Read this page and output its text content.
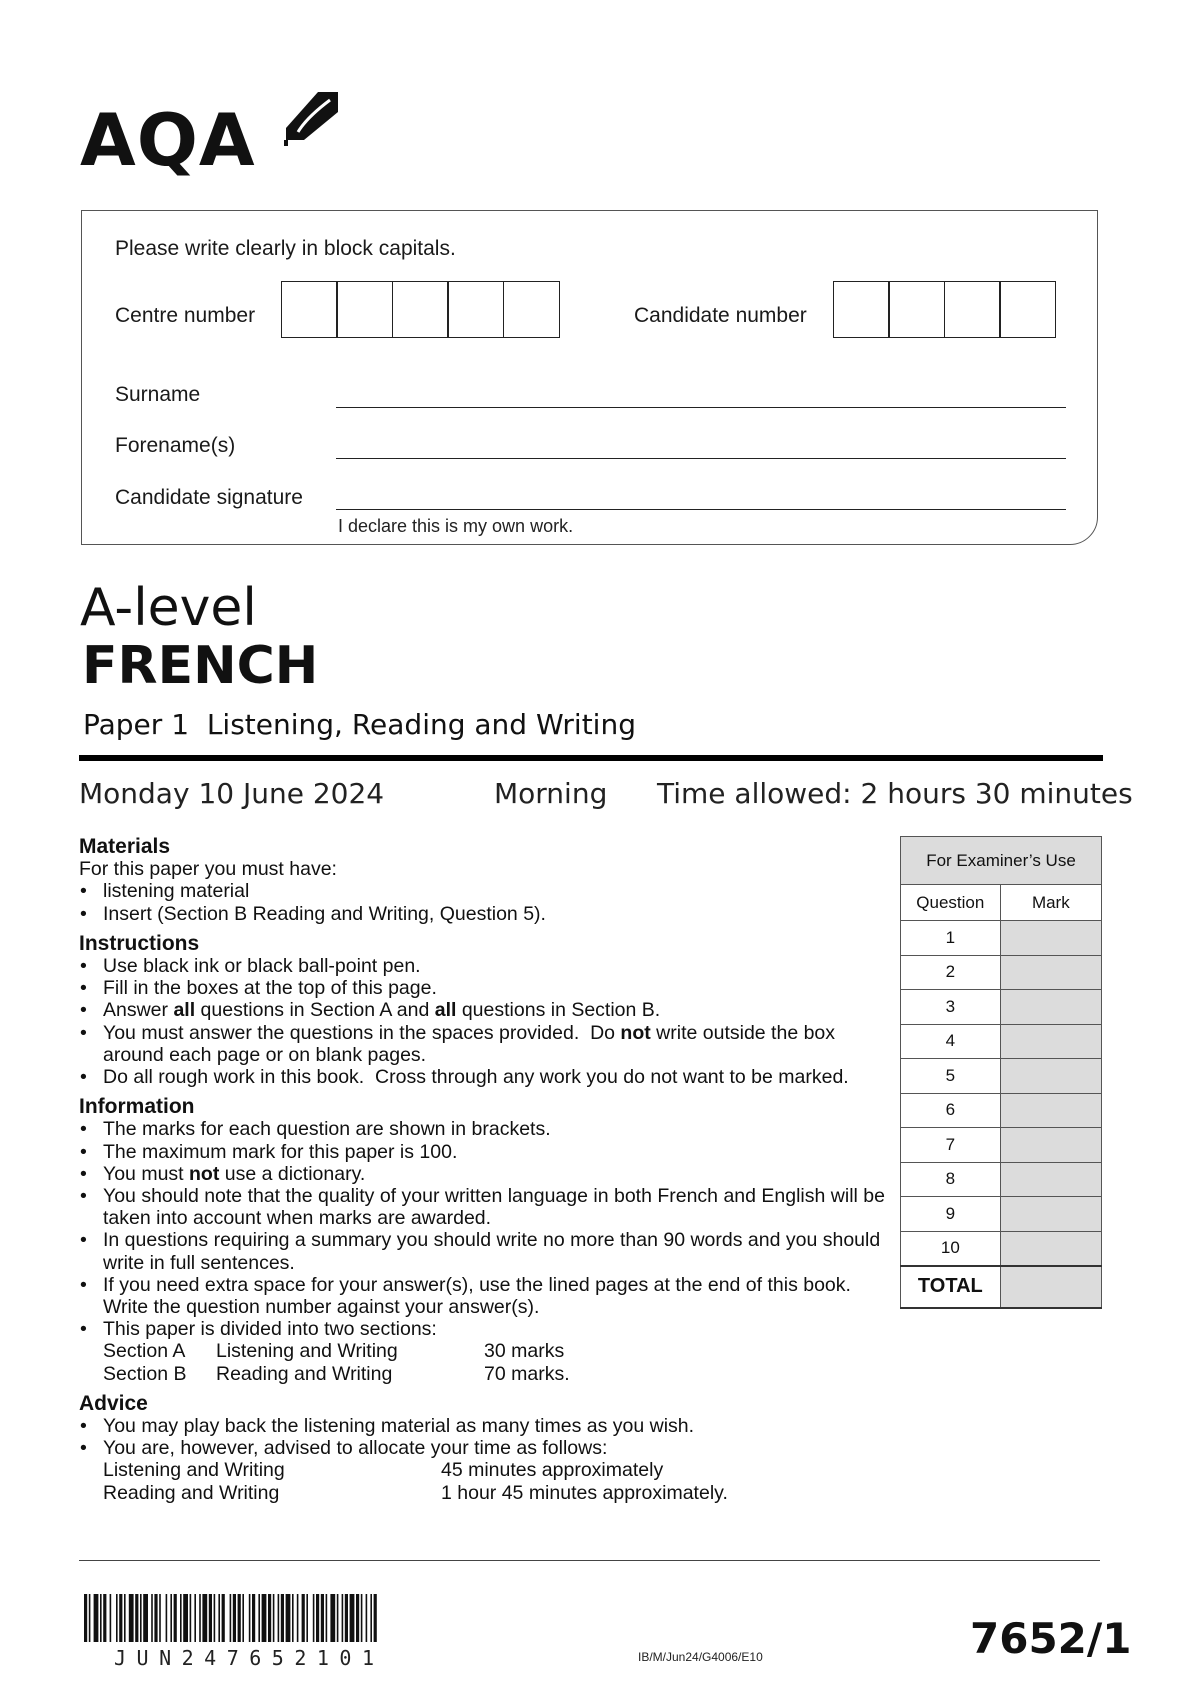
AQA
Please write clearly in block capitals.
Centre number	Candidate number
Surname
Forename(s)
Candidate signature
I declare this is my own work.
A-level
FRENCH
Paper 1 Listening, Reading and Writing
Monday 10 June 2024	Morning Time allowed: 2 hours 30 minutes
Materials
For this paper you must have:
• listening material
• Insert (Section B Reading and Writing, Question 5).
Instructions
• Use black ink or black ball-point pen.
• Fill in the boxes at the top of this page.
• Answer all questions in Section A and all questions in Section B.
• You must answer the questions in the spaces provided.  Do not write outside the box around each page or on blank pages.
• Do all rough work in this book.  Cross through any work you do not want to be marked.
Information
• The marks for each question are shown in brackets.
• The maximum mark for this paper is 100.
• You must not use a dictionary.
• You should note that the quality of your written language in both French and English will be taken into account when marks are awarded.
• In questions requiring a summary you should write no more than 90 words and you should write in full sentences.
• If you need extra space for your answer(s), use the lined pages at the end of this book.  Write the question number against your answer(s).
• This paper is divided into two sections:
Section A	Listening and Writing	30 marks
Section B	Reading and Writing	70 marks.
Advice
• You may play back the listening material as many times as you wish.
• You are, however, advised to allocate your time as follows:
Listening and Writing	45 minutes approximately
Reading and Writing	1 hour 45 minutes approximately.
For Examiner’s Use	
Question	Mark
1	
2	
3	
4	
5	
6	
7	
8	
9	
10	
TOTAL	
JUN247652101	IB/M/Jun24/G4006/E10	7652/1
